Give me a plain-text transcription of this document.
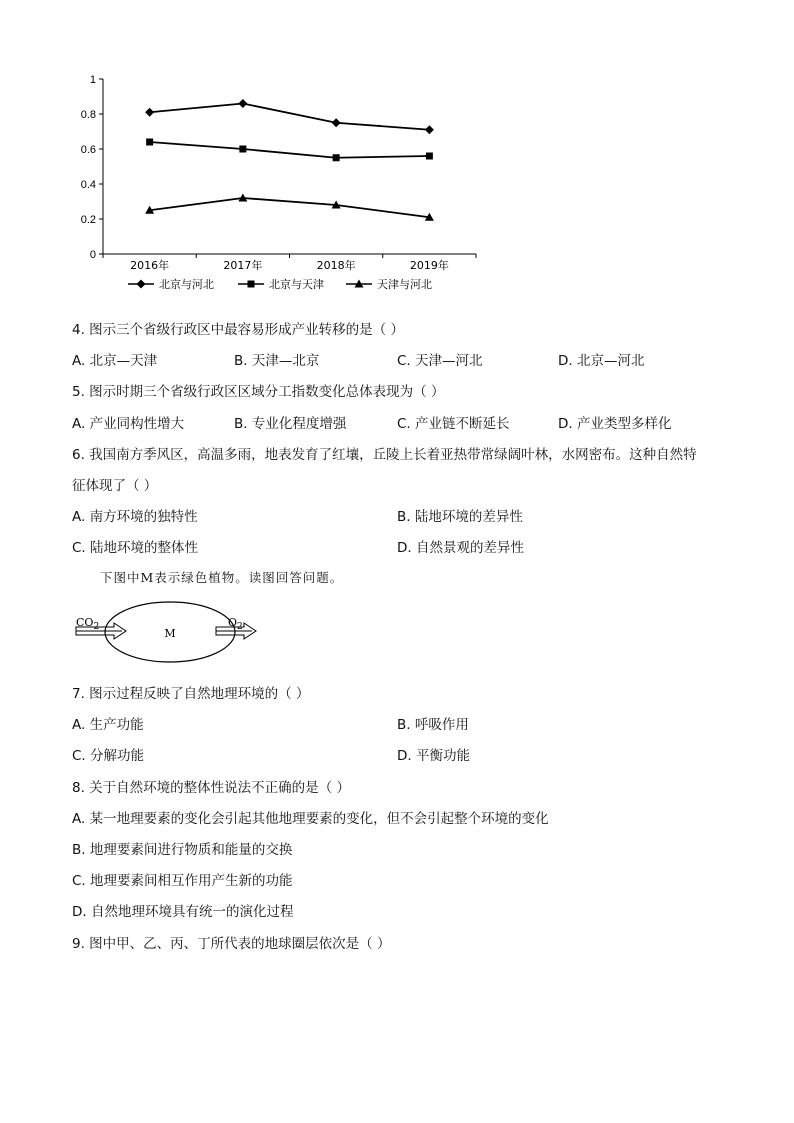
0
0.2
0.4
0.6
0.8
1
2016年	2017年	2018年	2019年
北京与河北	北京与天津	天津与河北
4. 图示三个省级行政区中最容易形成产业转移的是（ ）
A. 北京—天津	B. 天津—北京	C. 天津—河北	D. 北京—河北
5. 图示时期三个省级行政区区域分工指数变化总体表现为（ ）
A. 产业同构性增大	B. 专业化程度增强	C. 产业链不断延长	D. 产业类型多样化
6. 我国南方季风区，高温多雨，地表发育了红壤，丘陵上长着亚热带常绿阔叶林，水网密布。这种自然特
征体现了（ ）
A. 南方环境的独特性	B. 陆地环境的差异性
C. 陆地环境的整体性	D. 自然景观的差异性
下图中M表示绿色植物。读图回答问题。
$CO_2$	M
$O_2$
7. 图示过程反映了自然地理环境的（ ）
A. 生产功能	B. 呼吸作用
C. 分解功能	D. 平衡功能
8. 关于自然环境的整体性说法不正确的是（ ）
A. 某一地理要素的变化会引起其他地理要素的变化，但不会引起整个环境的变化
B. 地理要素间进行物质和能量的交换
C. 地理要素间相互作用产生新的功能
D. 自然地理环境具有统一的演化过程
9. 图中甲、乙、丙、丁所代表的地球圈层依次是（ ）
